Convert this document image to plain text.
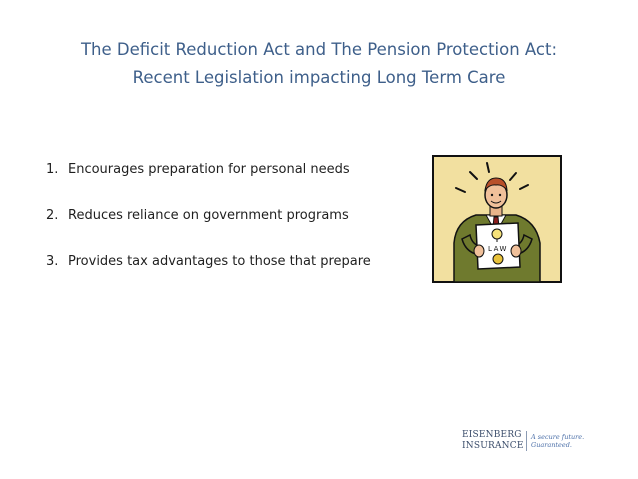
The Deficit Reduction Act and The Pension Protection Act:
Recent Legislation impacting Long Term Care
1. Encourages preparation for personal needs
2. Reduces reliance on government programs
3. Provides tax advantages to those that prepare
LAW
EISENBERG
INSURANCE
A secure future.
Guaranteed.
